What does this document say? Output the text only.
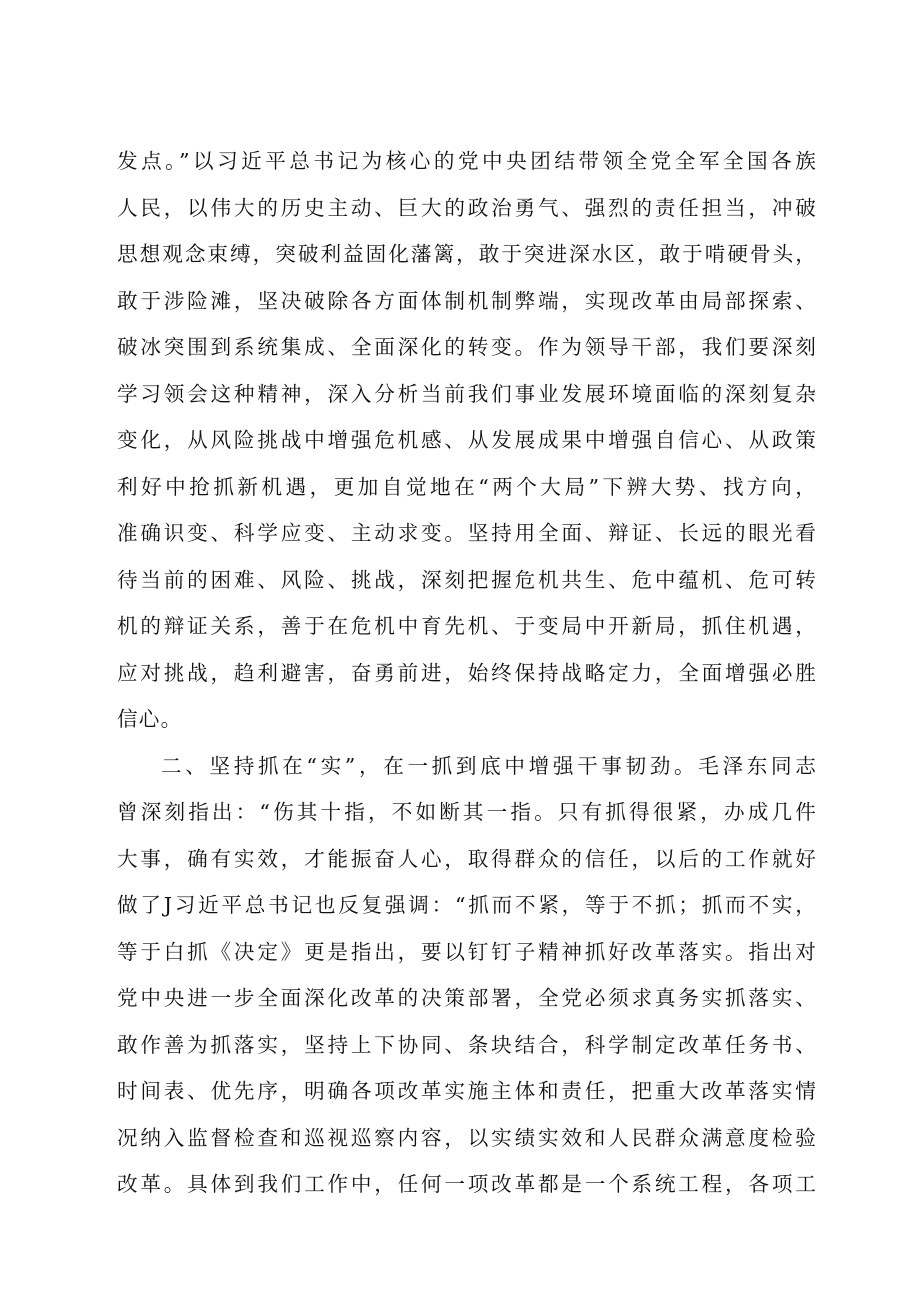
发点。”以习近平总书记为核心的党中央团结带领全党全军全国各族
人民，以伟大的历史主动、巨大的政治勇气、强烈的责任担当，冲破
思想观念束缚，突破利益固化藩篱，敢于突进深水区，敢于啃硬骨头，
敢于涉险滩，坚决破除各方面体制机制弊端，实现改革由局部探索、
破冰突围到系统集成、全面深化的转变。作为领导干部，我们要深刻
学习领会这种精神，深入分析当前我们事业发展环境面临的深刻复杂
变化，从风险挑战中增强危机感、从发展成果中增强自信心、从政策
利好中抢抓新机遇，更加自觉地在“两个大局”下辨大势、找方向，
准确识变、科学应变、主动求变。坚持用全面、辩证、长远的眼光看
待当前的困难、风险、挑战，深刻把握危机共生、危中蕴机、危可转
机的辩证关系，善于在危机中育先机、于变局中开新局，抓住机遇，
应对挑战，趋利避害，奋勇前进，始终保持战略定力，全面增强必胜
信心。
二、坚持抓在“实”，在一抓到底中增强干事韧劲。毛泽东同志
曾深刻指出：“伤其十指，不如断其一指。只有抓得很紧，办成几件
大事，确有实效，才能振奋人心，取得群众的信任，以后的工作就好
做了J习近平总书记也反复强调：“抓而不紧，等于不抓；抓而不实，
等于白抓《决定》更是指出，要以钉钉子精神抓好改革落实。指出对
党中央进一步全面深化改革的决策部署，全党必须求真务实抓落实、
敢作善为抓落实，坚持上下协同、条块结合，科学制定改革任务书、
时间表、优先序，明确各项改革实施主体和责任，把重大改革落实情
况纳入监督检查和巡视巡察内容，以实绩实效和人民群众满意度检验
改革。具体到我们工作中，任何一项改革都是一个系统工程，各项工
